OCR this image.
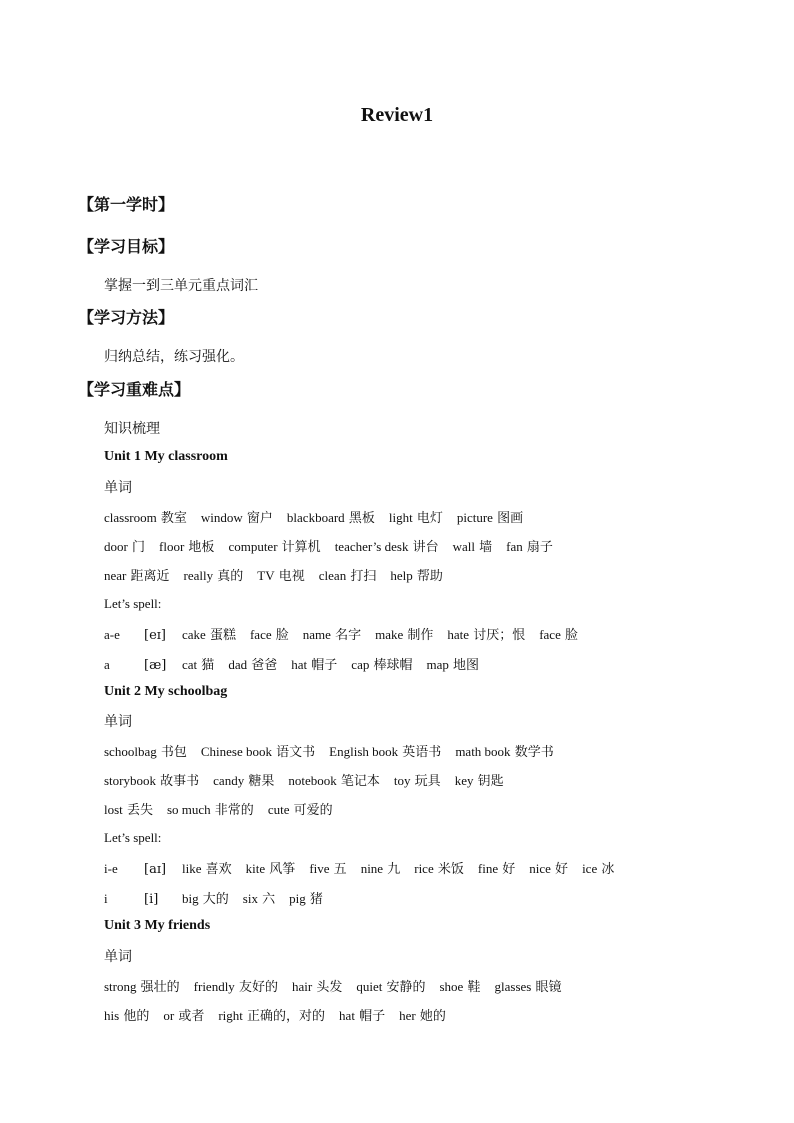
Review1
【第一学时】
【学习目标】
掌握一到三单元重点词汇
【学习方法】
归纳总结，练习强化。
【学习重难点】
知识梳理
Unit 1 My classroom
单词
classroom 教室 window 窗户 blackboard 黑板 light 电灯 picture 图画
door 门 floor 地板 computer 计算机 teacher’s desk 讲台 wall 墙 fan 扇子
near 距离近 really 真的 TV 电视 clean 打扫 help 帮助
Let’s spell:
a-e [eɪ] cake 蛋糕 face 脸 name 名字 make 制作 hate 讨厌；恨 face 脸
a	[æ] cat 猫 dad 爸爸 hat 帽子 cap 棒球帽 map 地图
Unit 2 My schoolbag
单词
schoolbag 书包 Chinese book 语文书 English book 英语书 math book 数学书
storybook 故事书 candy 糖果 notebook 笔记本 toy 玩具 key 钥匙
lost 丢失 so much 非常的 cute 可爱的
Let’s spell:
i-e [aɪ] like 喜欢 kite 风筝 five 五 nine 九 rice 米饭 fine 好 nice 好 ice 冰
i	[i] big 大的 six 六 pig 猪
Unit 3 My friends
单词
strong 强壮的 friendly 友好的 hair 头发 quiet 安静的 shoe 鞋 glasses 眼镜
his 他的 or 或者 right 正确的，对的 hat 帽子 her 她的
